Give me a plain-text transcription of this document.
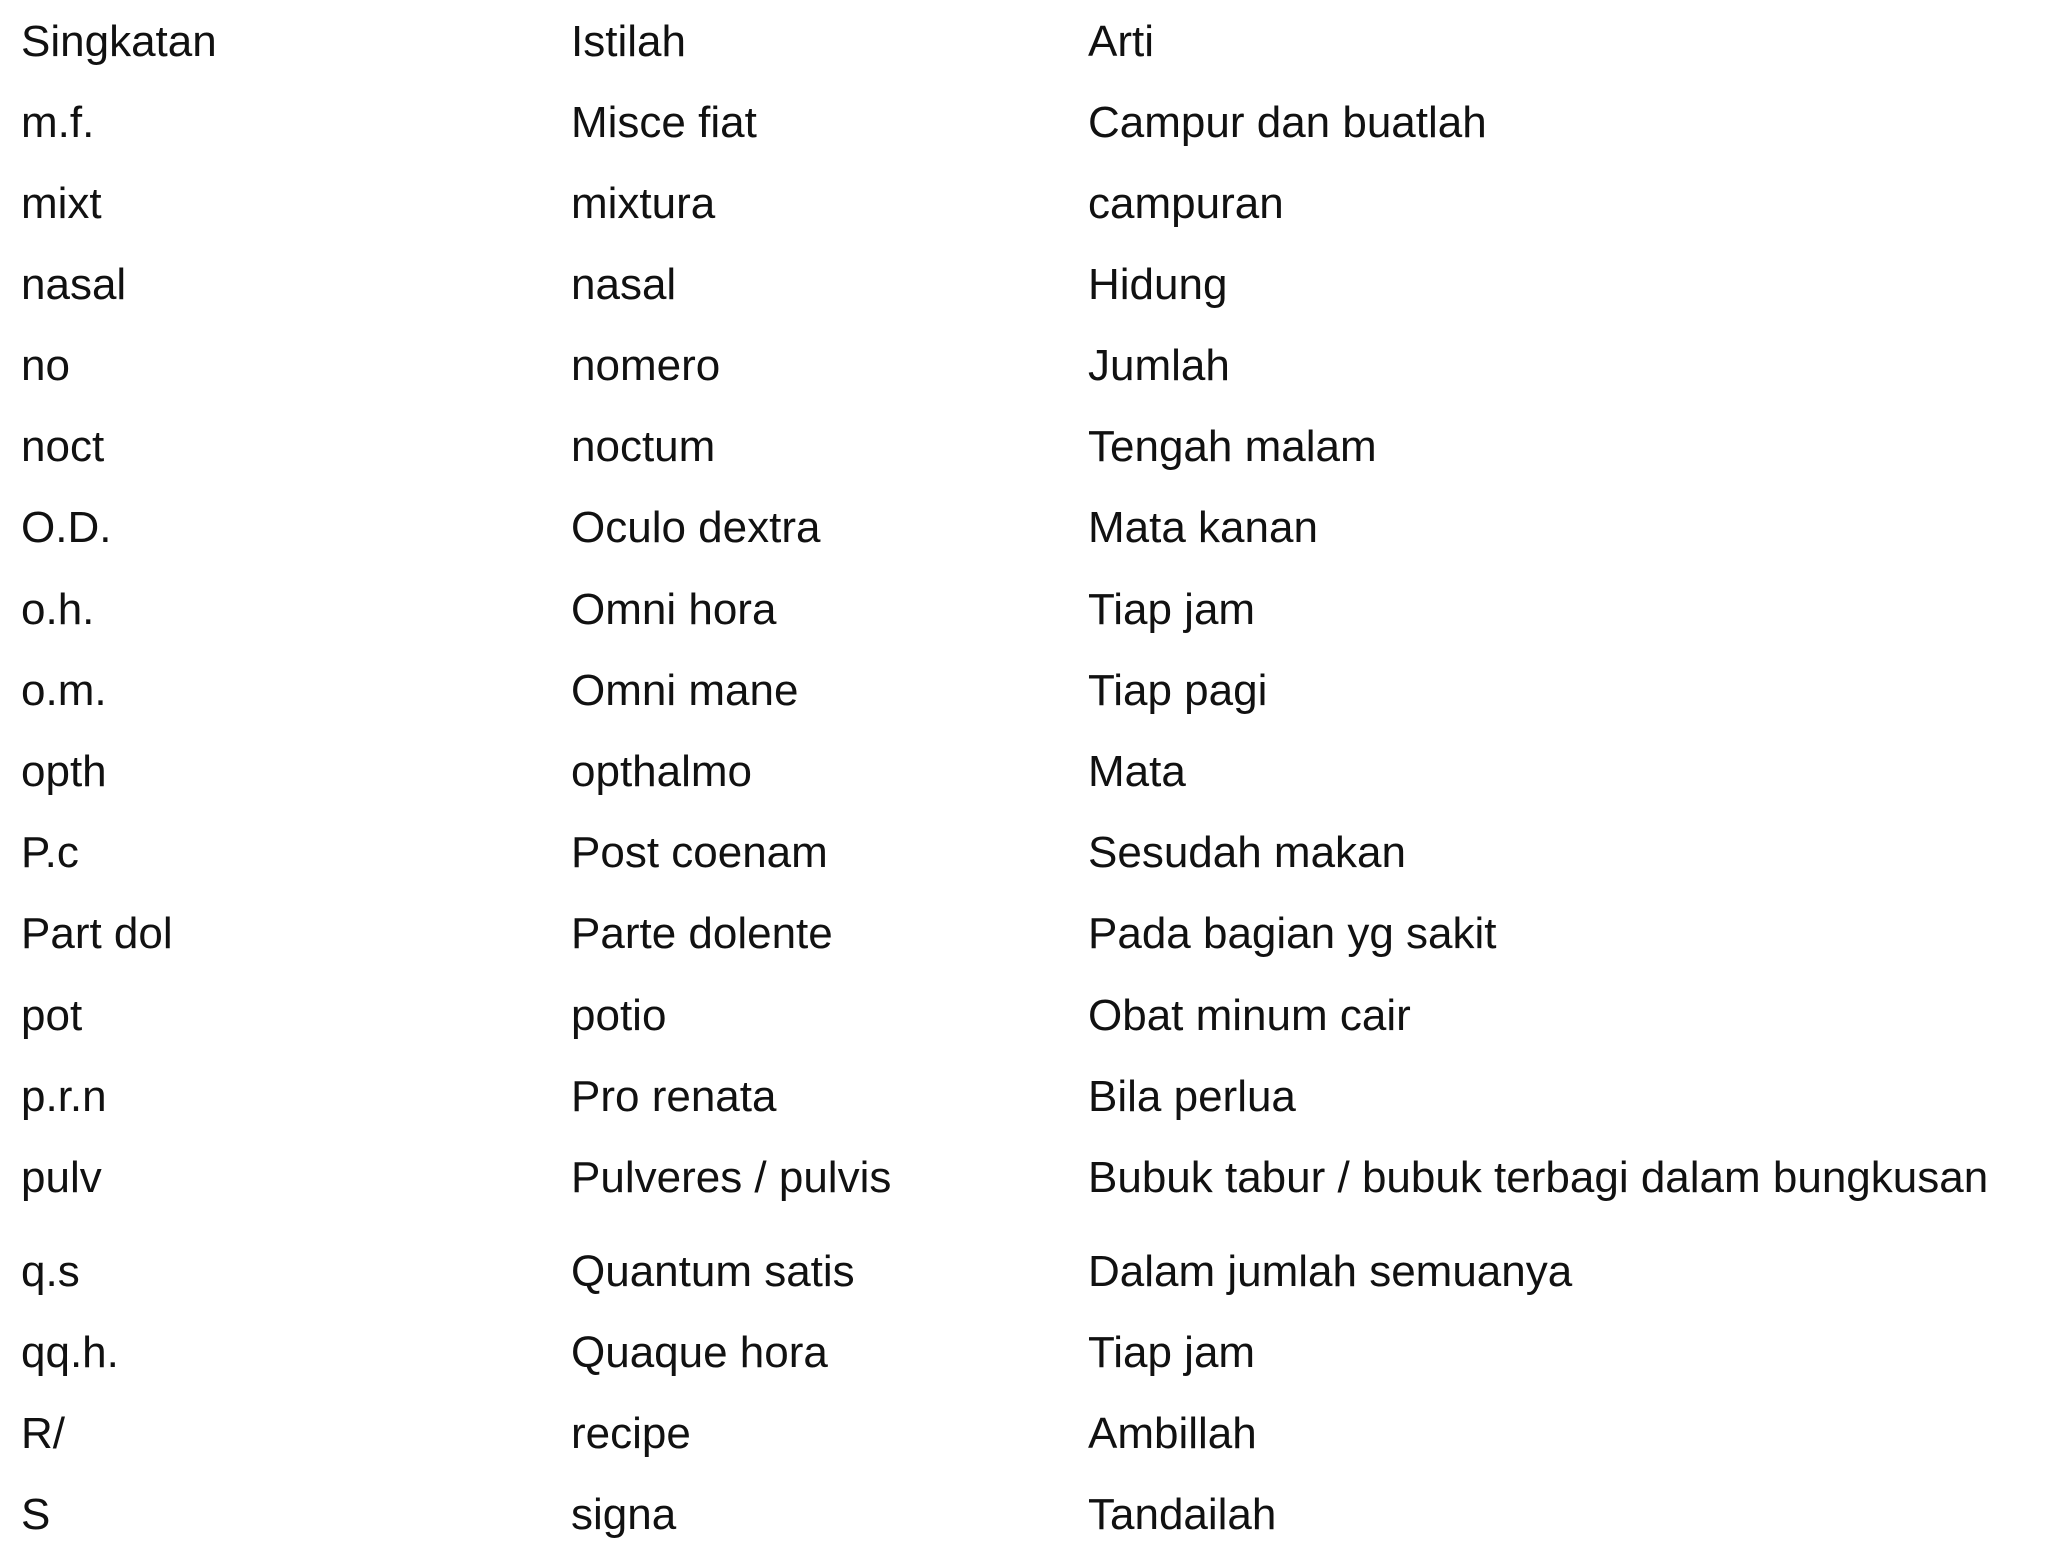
Singkatan	Istilah	Arti
m.f.	Misce fiat	Campur dan buatlah
mixt	mixtura	campuran
nasal	nasal	Hidung
no	nomero	Jumlah
noct	noctum	Tengah malam
O.D.	Oculo dextra	Mata kanan
o.h.	Omni hora	Tiap jam
o.m.	Omni mane	Tiap pagi
opth	opthalmo	Mata
P.c	Post coenam	Sesudah makan
Part dol	Parte dolente	Pada bagian yg sakit
pot	potio	Obat minum cair
p.r.n	Pro renata	Bila perlua
pulv	Pulveres / pulvis	Bubuk tabur / bubuk terbagi dalam bungkusan
q.s	Quantum satis	Dalam jumlah semuanya
qq.h.	Quaque hora	Tiap jam
R/	recipe	Ambillah
S	signa	Tandailah
